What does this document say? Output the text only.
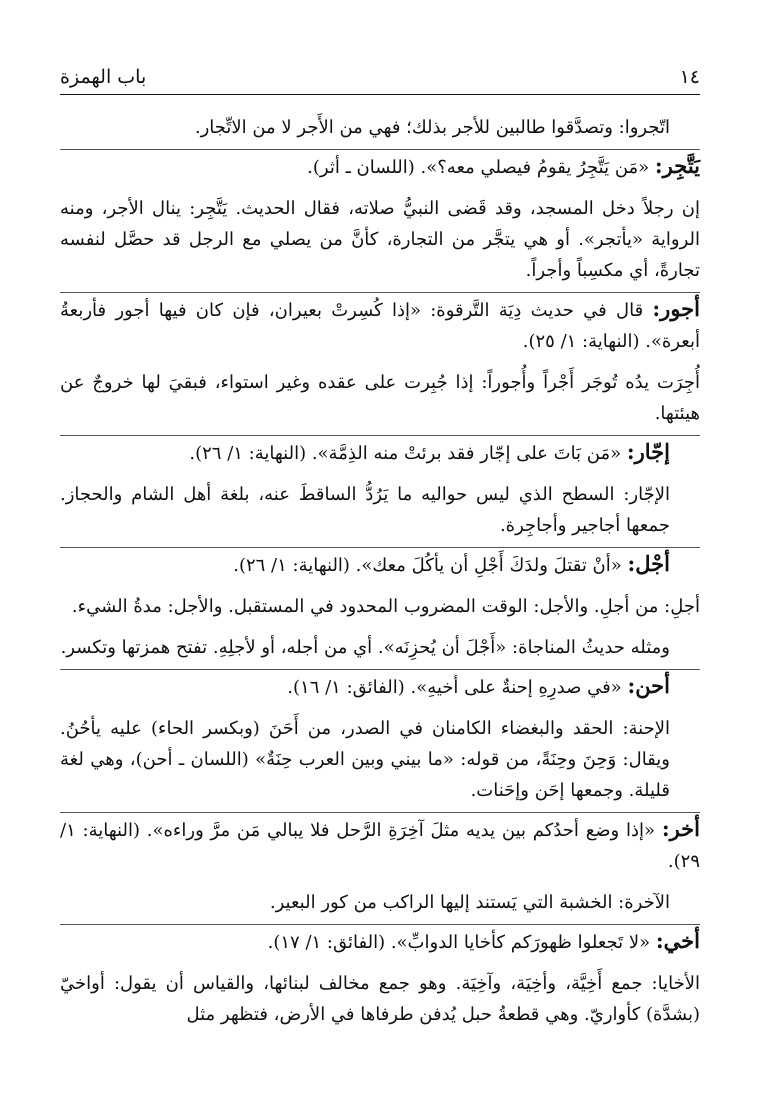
١٤
باب الهمزة

اتّجروا: وتصدَّقوا طالبين للأجر بذلك؛ فهي من الأَجر لا من الاتِّجار.

يَتَّجِر: «مَن يَتَّجِرُ يقومُ فيصلي معه؟». (اللسان ـ أثر).

إن رجلاً دخل المسجد، وقد قَضى النبيُّ صلاته، فقال الحديث. يَتَّجِر: ينال الأجر، ومنه الرواية «يأتجر». أو هي يتجَّر من التجارة، كأنَّ من يصلي مع الرجل قد حصَّل لنفسه تجارةً، أي مكسِباً وأجراً.

أجور: قال في حديث دِيَة التَّرقوة: «إذا كُسِرتْ بعيران، فإن كان فيها أجور فأربعةُ أبعرة». (النهاية: ١/ ٢٥).

أُجِرَت يدُه تُوجَر أَجْراً وأُجوراً: إذا جُبِرت على عقده وغير استواء، فبقيَ لها خروجٌ عن هيئتها.

إجّار: «مَن بَاتَ على إجّار فقد برئتْ منه الذِمَّة». (النهاية: ١/ ٢٦).

الإجّار: السطح الذي ليس حواليه ما يَرُدُّ الساقطَ عنه، بلغة أهل الشام والحجاز. جمعها أجاجير وأجاجِرة.

أجْل: «أنْ تقتلَ ولدَكَ أَجْلِ أن يأكُلَ معك». (النهاية: ١/ ٢٦).

أجلِ: من أجلِ. والأجل: الوقت المضروب المحدود في المستقبل. والأجل: مدةُ الشيء.

ومثله حديثُ المناجاة: «أَجْلَ أن يُحزِنَه». أي من أجله، أو لأجلِهِ. تفتح همزتها وتكسر.

أحن: «في صدرِهِ إحنةٌ على أخيهِ». (الفائق: ١/ ١٦).

الإحنة: الحقد والبغضاء الكامنان في الصدر، من أَحَنَ (وبكسر الحاء) عليه يأحُنُ. ويقال: وَحِنَ وحِنَةً، من قوله: «ما بيني وبين العرب حِنَةٌ» (اللسان ـ أحن)، وهي لغة قليلة. وجمعها إحَن وإحَنات.

أخر: «إذا وضع أحدُكم بين يديه مثلَ آخِرَةِ الرَّحل فلا يبالي مَن مرَّ وراءه». (النهاية: ١/ ٢٩).

الآخرة: الخشبة التي يَستند إليها الراكب من كور البعير.

أخي: «لا تَجعلوا ظهورَكم كأخايا الدوابِّ». (الفائق: ١/ ١٧).

الأخايا: جمع أَخِيَّة، وأخِيَة، وآخِيَة. وهو جمع مخالف لبنائها، والقياس أن يقول: أواخيّ (بشدَّة) كأواريّ. وهي قطعةُ حبل يُدفن طرفاها في الأرض، فتظهر مثل
